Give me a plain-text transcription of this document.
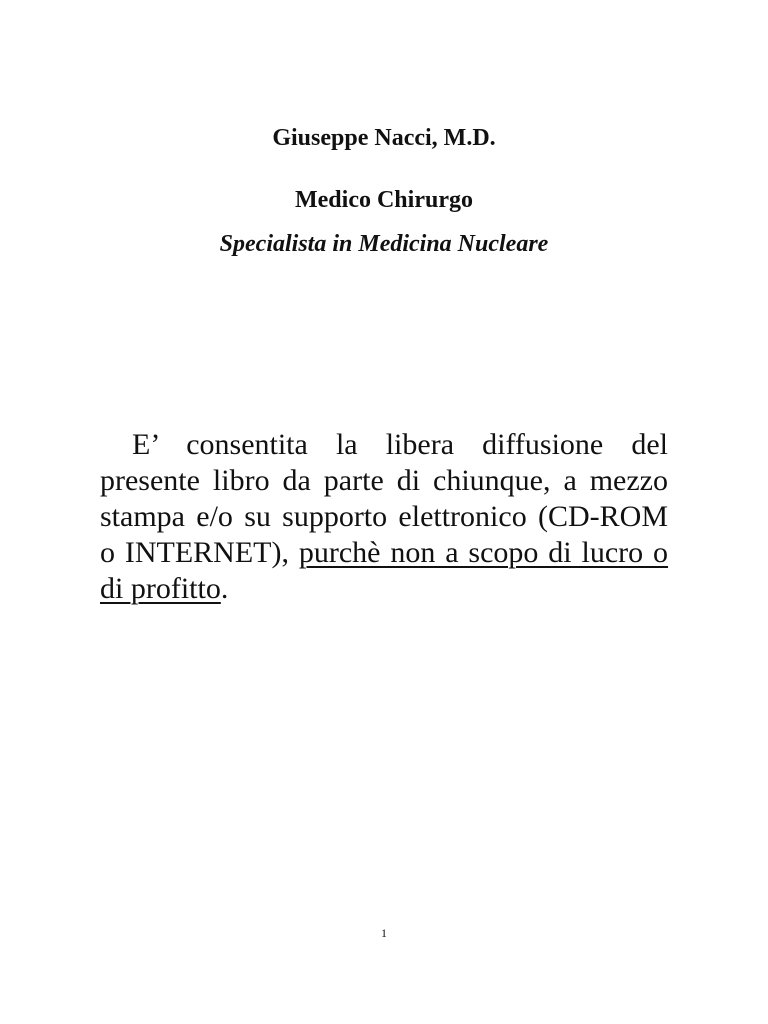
Giuseppe Nacci, M.D.
Medico Chirurgo
Specialista in Medicina Nucleare

E’ consentita la libera diffusione del presente libro da parte di chiunque, a mezzo stampa e/o su supporto elettronico (CD-ROM o INTERNET), purchè non a scopo di lucro o di profitto.

1
